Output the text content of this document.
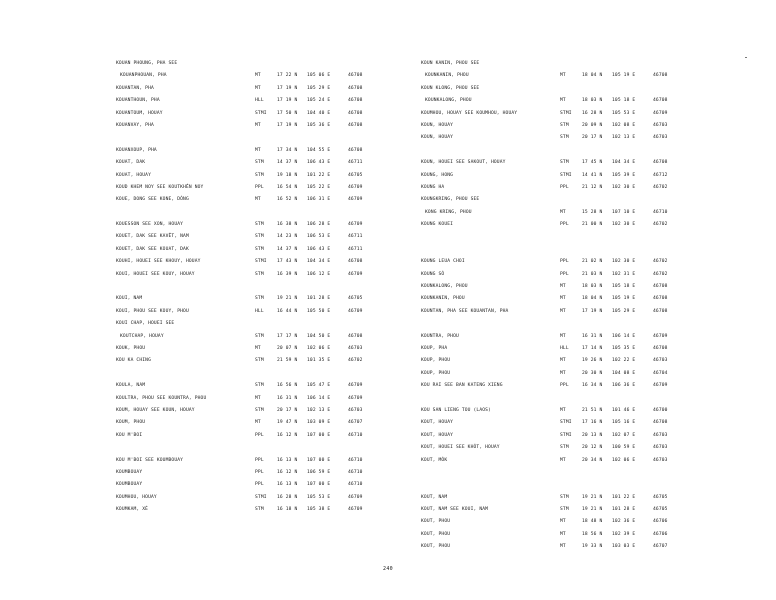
KOUAN PHOUNG, PHA SEE
KOUANPHOUAN, PHA	MT	17 22 N 105 06 E	46708
KOUANTAN, PHA	MT	17 19 N 105 29 E	46708
KOUANTHOUN, PHA	HLL	17 19 N 105 24 E	46708
KOUANTOUM, HOUAY	STMI 17 50 N 104 40 E	46708
KOUANVAY, PHA	MT	17 19 N 105 36 E	46708
KOUANXOUP, PHA	MT	17 34 N 104 55 E	46708
KOUAT, DAK	STM	14 37 N 106 43 E	46711
KOUAT, HOUAY	STM	19 18 N 101 22 E	46705
KOUD KHEM NOY SEE KOUTKHÊN NOY	PPL	16 54 N 105 22 E	46709
KOUE, DONG SEE KONE, DÔNG	MT	16 52 N 106 31 E	46709
KOUESSON SEE XON, HOUAY	STM	16 38 N 106 28 E	46709
KOUET, DAK SEE KAVÊT, NAM	STM	14 23 N 106 53 E	46711
KOUET, DAK SEE KOUAT, DAK	STM	14 37 N 106 43 E	46711
KOUHI, HOUEI SEE KHOUY, HOUAY	STMI 17 43 N 104 34 E	46708
KOUI, HOUEI SEE KOUY, HOUAY	STM	16 39 N 106 12 E	46709
KOUI, NAM	STM	19 21 N 101 28 E	46705
KOUI, PHOU SEE KOUY, PHOU	HLL	16 44 N 105 50 E	46709
KOUI CHAP, HOUEI SEE
KOUTCHAP, HOUAY	STM	17 17 N 104 50 E	46708
KOUK, PHOU	MT	20 07 N 102 06 E	46703
KOU KA CHING	STM	21 59 N 101 35 E	46702
KOULA, NAM	STM	16 56 N 105 47 E	46709
KOULTRA, PHOU SEE KOUNTRA, PHOU	MT	16 31 N 106 14 E	46709
KOUM, HOUAY SEE KOUN, HOUAY	STM	20 17 N 102 13 E	46703
KOUM, PHOU	MT	19 47 N 103 09 E	46707
KOU M'BOI	PPL	16 12 N 107 00 E	46710
KOU M'BOI SEE KOUMBOUAY	PPL	16 13 N 107 00 E	46710
KOUMBOUAY	PPL	16 12 N 106 59 E	46710
KOUMBOUAY	PPL	16 13 N 107 00 E	46710
KOUMHOU, HOUAY	STMI 16 28 N 105 53 E	46709
KOUMKAM, XÉ	STM	16 18 N 105 38 E	46709
KOUN KANIN, PHOU SEE
KOUNKANIN, PHOU	MT	18 04 N 105 19 E	46708
KOUN KLONG, PHOU SEE
KOUNKALONG, PHOU	MT	18 03 N 105 18 E	46708
KOUMHOU, HOUAY SEE KOUMHOU, HOUAY	STMI 16 28 N 105 53 E	46709
KOUN, HOUAY	STM	20 09 N 102 08 E	46703
KOUN, HOUAY	STM	20 17 N 102 13 E	46703
KOUN, HOUEI SEE SAKOUT, HOUAY	STM	17 45 N 104 34 E	46708
KOUNG, HONG	STMI 14 41 N 105 39 E	46712
KOUNG HA	PPL	21 12 N 102 30 E	46702
KOUNGKRING, PHOU SEE
KONG KRING, PHOU	MT	15 28 N 107 10 E	46710
KOUNG KOUEI	PPL	21 00 N 102 30 E	46702
KOUNG LEUA CHOI	PPL	21 02 N 102 30 E	46702
KOUNG SÔ	PPL	21 03 N 102 31 E	46702
KOUNKALONG, PHOU	MT	18 03 N 105 18 E	46708
KOUNKANIN, PHOU	MT	18 04 N 105 19 E	46708
KOUNTAN, PHA SEE KOUANTAN, PHA	MT	17 19 N 105 29 E	46708
KOUNTRA, PHOU	MT	16 31 N 106 14 E	46709
KOUP, PHA	HLL	17 14 N 105 35 E	46708
KOUP, PHOU	MT	19 26 N 102 22 E	46703
KOUP, PHOU	MT	20 30 N 104 08 E	46704
KOU RAI SEE BAN KATENG XIENG	PPL	16 34 N 106 36 E	46709
KOU SAN LIENG TOU (LAOS)	MT	21 51 N 101 46 E	46700
KOUT, HOUAY	STMI 17 16 N 105 16 E	46708
KOUT, HOUAY	STMI 20 13 N 102 07 E	46703
KOUT, HOUEI SEE KHÔT, HOUAY	STM	20 12 N 100 59 E	46703
KOUT, MÔK	MT	20 34 N 102 06 E	46703
KOUT, NAM	STM	19 21 N 101 22 E	46705
KOUT, NAM SEE KOUI, NAM	STM	19 21 N 101 28 E	46705
KOUT, PHOU	MT	18 48 N 102 36 E	46706
KOUT, PHOU	MT	18 56 N 102 39 E	46706
KOUT, PHOU	MT	19 33 N 103 03 E	46707
240
